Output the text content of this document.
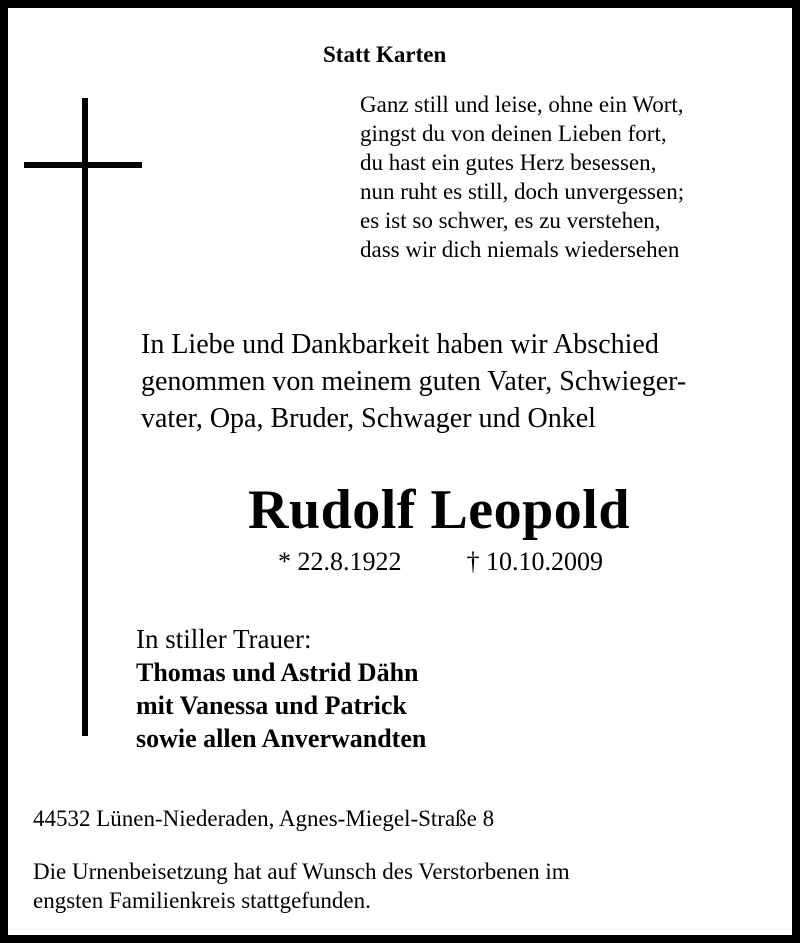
Statt Karten
Ganz still und leise, ohne ein Wort,
gingst du von deinen Lieben fort,
du hast ein gutes Herz besessen,
nun ruht es still, doch unvergessen;
es ist so schwer, es zu verstehen,
dass wir dich niemals wiedersehen
In Liebe und Dankbarkeit haben wir Abschied
genommen von meinem guten Vater, Schwieger-
vater, Opa, Bruder, Schwager und Onkel
Rudolf Leopold
* 22.8.1922	† 10.10.2009
In stiller Trauer:
Thomas und Astrid Dähn
mit Vanessa und Patrick
sowie allen Anverwandten
44532 Lünen-Niederaden, Agnes-Miegel-Straße 8
Die Urnenbeisetzung hat auf Wunsch des Verstorbenen im
engsten Familienkreis stattgefunden.
